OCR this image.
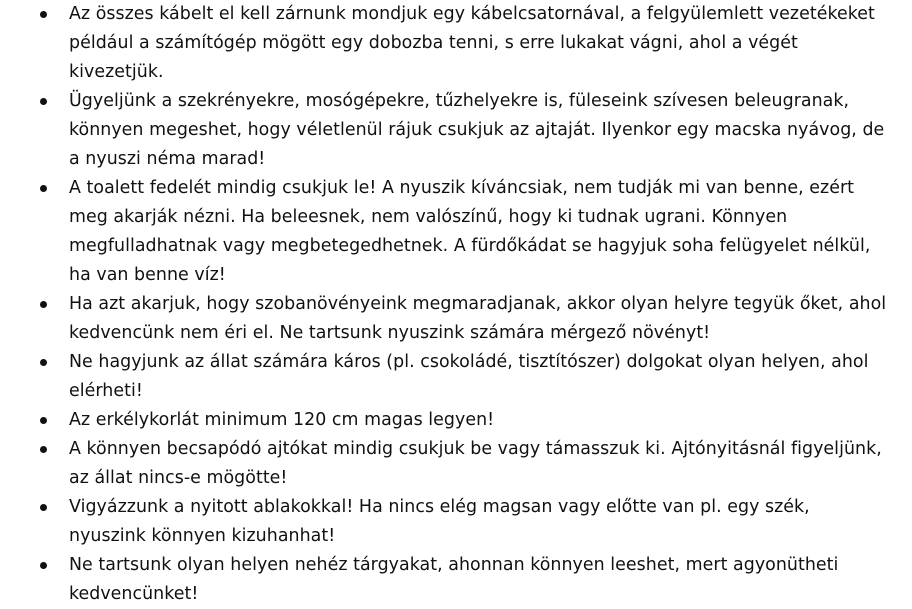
Az összes kábelt el kell zárnunk mondjuk egy kábelcsatornával, a felgyülemlett vezetékeket például a számítógép mögött egy dobozba tenni, s erre lukakat vágni, ahol a végét kivezetjük.
Ügyeljünk a szekrényekre, mosógépekre, tűzhelyekre is, füleseink szívesen beleugranak, könnyen megeshet, hogy véletlenül rájuk csukjuk az ajtaját. Ilyenkor egy macska nyávog, de a nyuszi néma marad!
A toalett fedelét mindig csukjuk le! A nyuszik kíváncsiak, nem tudják mi van benne, ezért meg akarják nézni. Ha beleesnek, nem valószínű, hogy ki tudnak ugrani. Könnyen megfulladhatnak vagy megbetegedhetnek. A fürdőkádat se hagyjuk soha felügyelet nélkül, ha van benne víz!
Ha azt akarjuk, hogy szobanövényeink megmaradjanak, akkor olyan helyre tegyük őket, ahol kedvencünk nem éri el. Ne tartsunk nyuszink számára mérgező növényt!
Ne hagyjunk az állat számára káros (pl. csokoládé, tisztítószer) dolgokat olyan helyen, ahol elérheti!
Az erkélykorlát minimum 120 cm magas legyen!
A könnyen becsapódó ajtókat mindig csukjuk be vagy támasszuk ki. Ajtónyitásnál figyeljünk, az állat nincs-e mögötte!
Vigyázzunk a nyitott ablakokkal! Ha nincs elég magsan vagy előtte van pl. egy szék, nyuszink könnyen kizuhanhat!
Ne tartsunk olyan helyen nehéz tárgyakat, ahonnan könnyen leeshet, mert agyonütheti kedvencünket!
